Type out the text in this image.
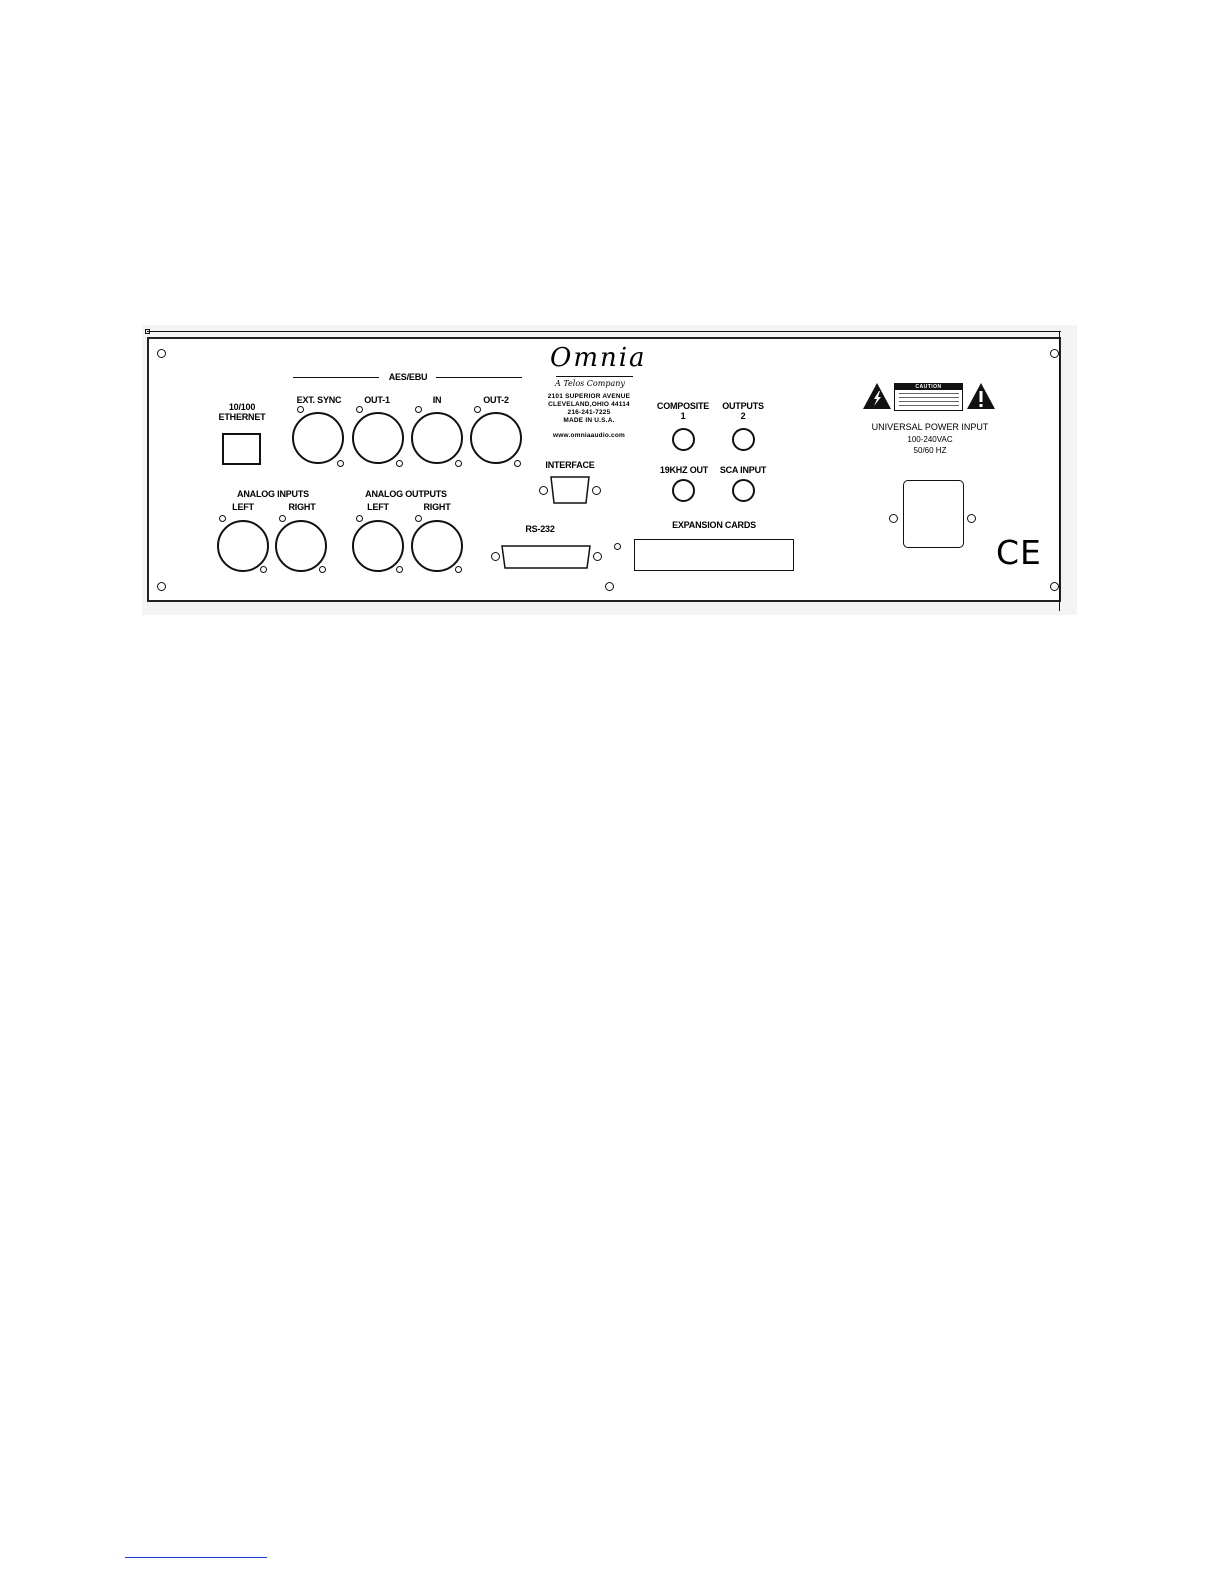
10/100
ETHERNET
AES/EBU
EXT. SYNC	OUT-1	IN	OUT-2
ANALOG INPUTS
LEFT	RIGHT
ANALOG OUTPUTS
LEFT	RIGHT
Omnia
A Telos Company
2101 SUPERIOR AVENUE
CLEVELAND,OHIO 44114
216-241-7225
MADE IN U.S.A.
www.omniaaudio.com
INTERFACE
RS-232
COMPOSITE
1
OUTPUTS
2
19KHZ OUT SCA INPUT
EXPANSION CARDS
CAUTION
UNIVERSAL POWER INPUT
100-240VAC
50/60 HZ
CE
